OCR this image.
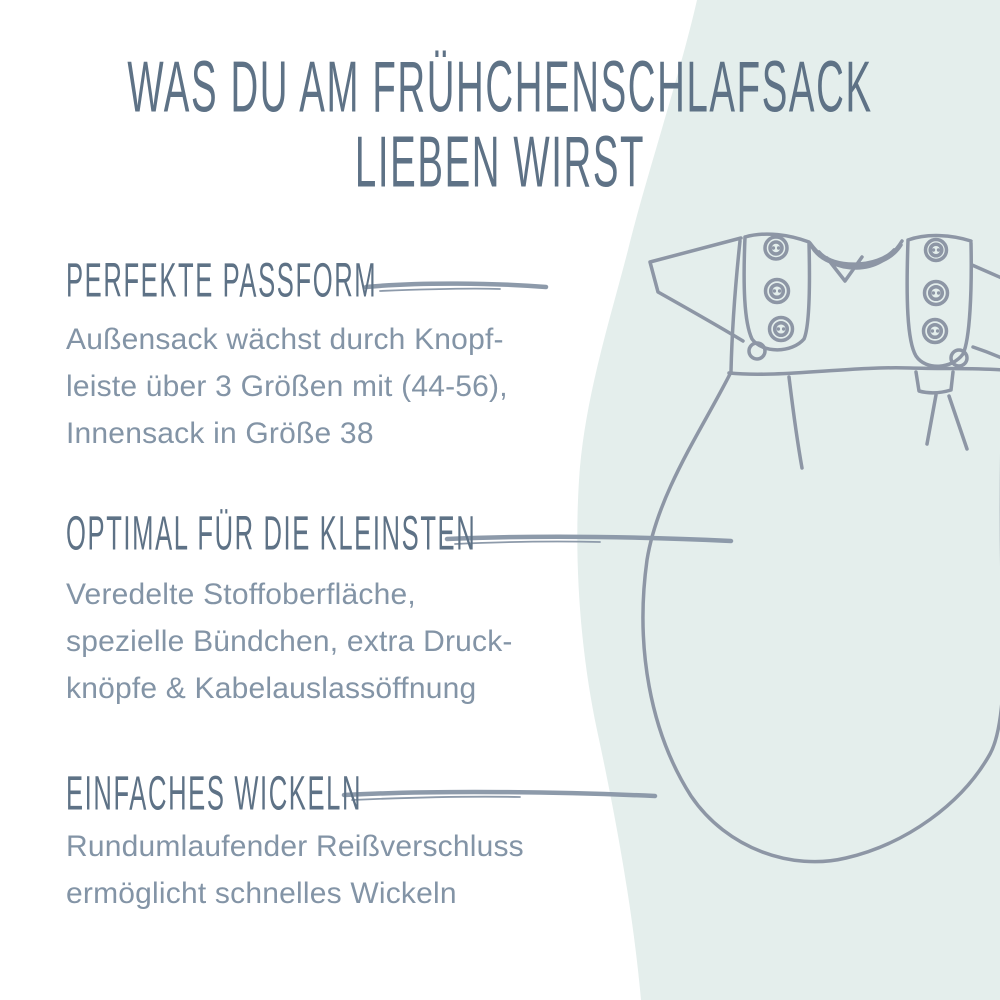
WAS DU AM FRÜHCHENSCHLAFSACK
LIEBEN WIRST
PERFEKTE PASSFORM
Außensack wächst durch Knopf-
leiste über 3 Größen mit (44-56),
Innensack in Größe 38
OPTIMAL FÜR DIE KLEINSTEN
Veredelte Stoffoberfläche,
spezielle Bündchen, extra Druck-
knöpfe & Kabelauslassöffnung
EINFACHES WICKELN
Rundumlaufender Reißverschluss
ermöglicht schnelles Wickeln
